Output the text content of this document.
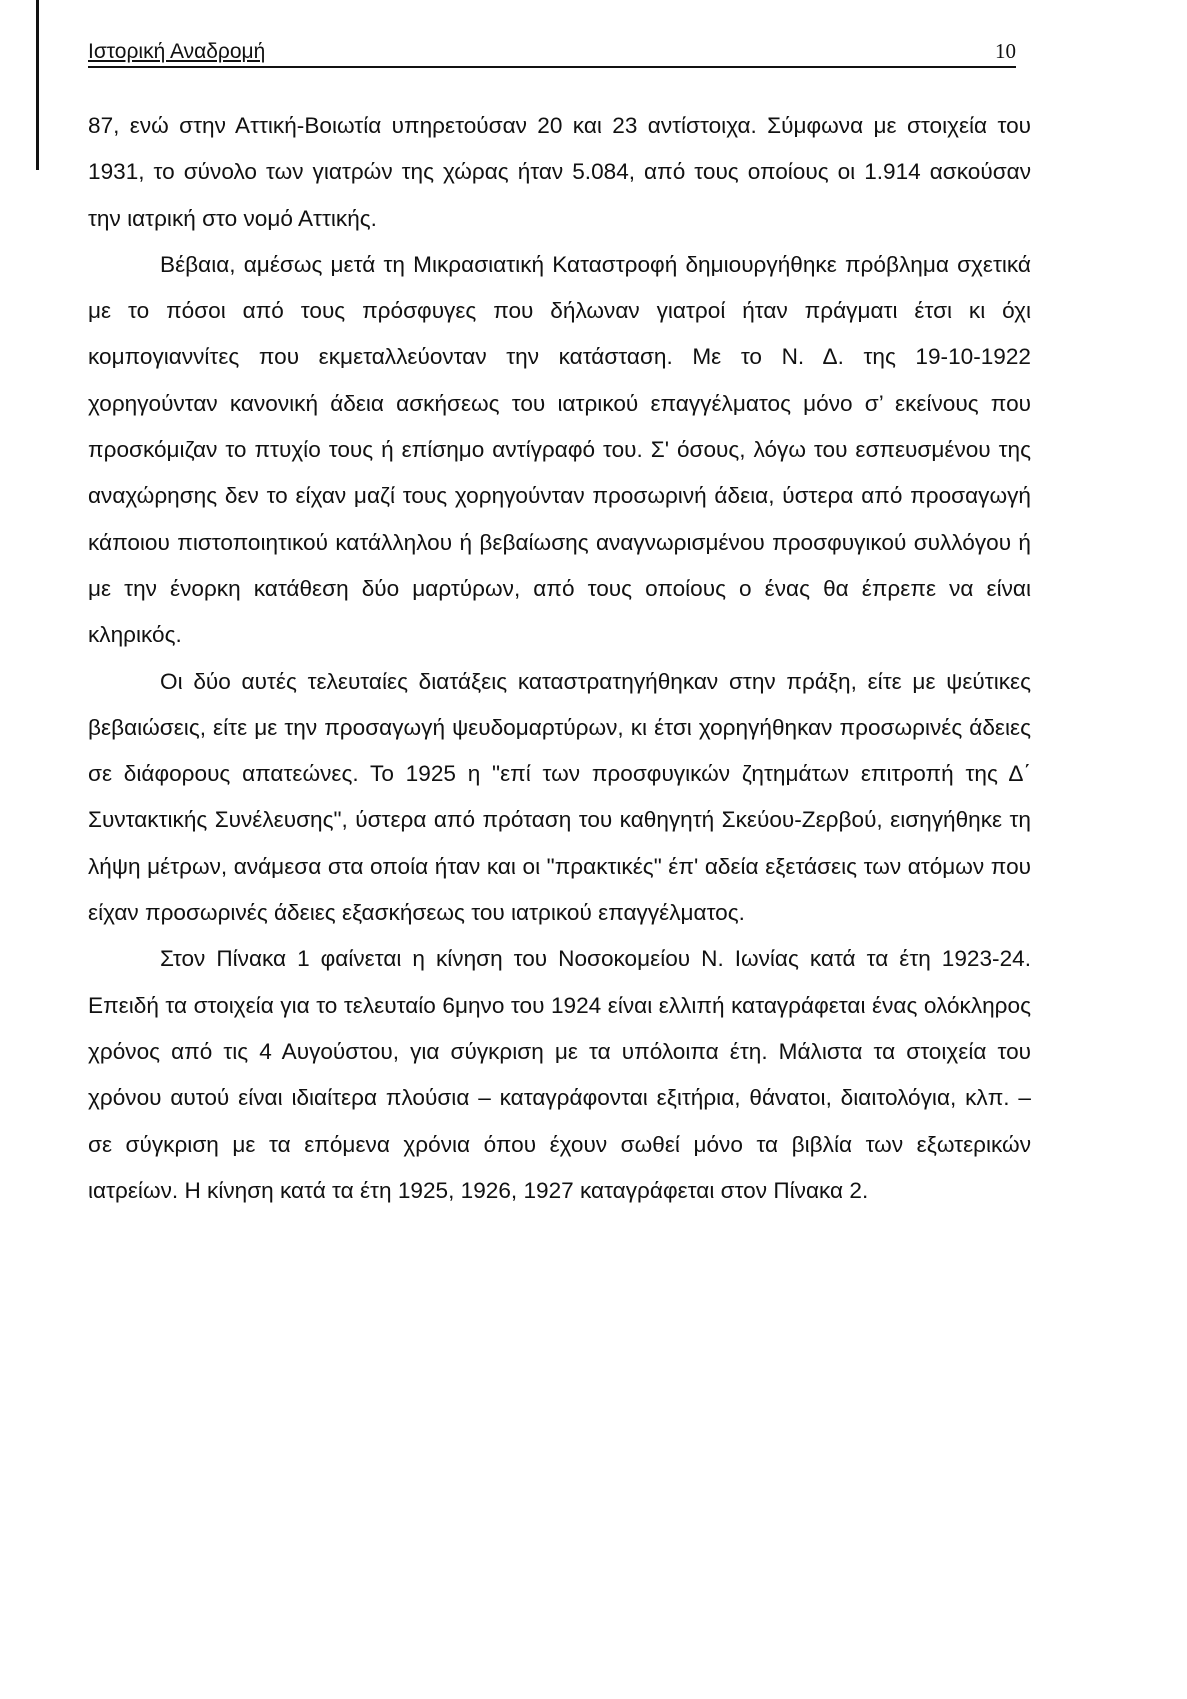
Ιστορική Αναδρομή	10

87, ενώ στην Αττική-Βοιωτία υπηρετούσαν 20 και 23 αντίστοιχα. Σύμφωνα με στοιχεία του 1931, το σύνολο των γιατρών της χώρας ήταν 5.084, από τους οποίους οι 1.914 ασκούσαν την ιατρική στο νομό Αττικής.

Βέβαια, αμέσως μετά τη Μικρασιατική Καταστροφή δημιουργήθηκε πρόβλημα σχετικά με το πόσοι από τους πρόσφυγες που δήλωναν γιατροί ήταν πράγματι έτσι κι όχι κομπογιαννίτες που εκμεταλλεύονταν την κατάσταση. Με το Ν. Δ. της 19-10-1922 χορηγούνταν κανονική άδεια ασκήσεως του ιατρικού επαγγέλματος μόνο σ’ εκείνους που προσκόμιζαν το πτυχίο τους ή επίσημο αντίγραφό του. Σ' όσους, λόγω του εσπευσμένου της αναχώρησης δεν το είχαν μαζί τους χορηγούνταν προσωρινή άδεια, ύστερα από προσαγωγή κάποιου πιστοποιητικού κατάλληλου ή βεβαίωσης αναγνωρισμένου προσφυγικού συλλόγου ή με την ένορκη κατάθεση δύο μαρτύρων, από τους οποίους ο ένας θα έπρεπε να είναι κληρικός.

Οι δύο αυτές τελευταίες διατάξεις καταστρατηγήθηκαν στην πράξη, είτε με ψεύτικες βεβαιώσεις, είτε με την προσαγωγή ψευδομαρτύρων, κι έτσι χορηγήθηκαν προσωρινές άδειες σε διάφορους απατεώνες. Το 1925 η "επί των προσφυγικών ζητημάτων επιτροπή της Δ΄ Συντακτικής Συνέλευσης", ύστερα από πρόταση του καθηγητή Σκεύου-Ζερβού, εισηγήθηκε τη λήψη μέτρων, ανάμεσα στα οποία ήταν και οι "πρακτικές" έπ' αδεία εξετάσεις των ατόμων που είχαν προσωρινές άδειες εξασκήσεως του ιατρικού επαγγέλματος.

Στον Πίνακα 1 φαίνεται η κίνηση του Νοσοκομείου Ν. Ιωνίας κατά τα έτη 1923-24. Επειδή τα στοιχεία για το τελευταίο 6μηνο του 1924 είναι ελλιπή καταγράφεται ένας ολόκληρος χρόνος από τις 4 Αυγούστου, για σύγκριση με τα υπόλοιπα έτη. Μάλιστα τα στοιχεία του χρόνου αυτού είναι ιδιαίτερα πλούσια – καταγράφονται εξιτήρια, θάνατοι, διαιτολόγια, κλπ. – σε σύγκριση με τα επόμενα χρόνια όπου έχουν σωθεί μόνο τα βιβλία των εξωτερικών ιατρείων. Η κίνηση κατά τα έτη 1925, 1926, 1927 καταγράφεται στον Πίνακα 2.
